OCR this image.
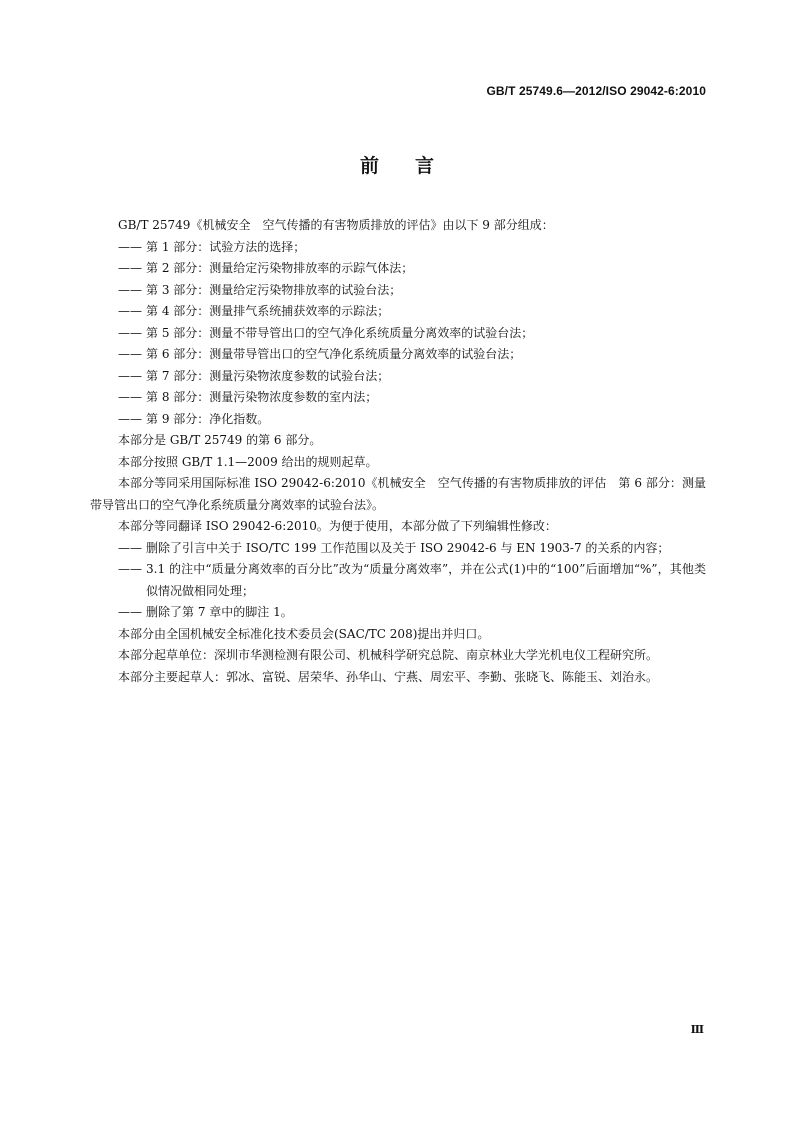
GB/T 25749.6—2012/ISO 29042-6:2010
前 言

GB/T 25749《机械安全　空气传播的有害物质排放的评估》由以下 9 部分组成：

—— 第 1 部分：试验方法的选择；

—— 第 2 部分：测量给定污染物排放率的示踪气体法；

—— 第 3 部分：测量给定污染物排放率的试验台法；

—— 第 4 部分：测量排气系统捕获效率的示踪法；

—— 第 5 部分：测量不带导管出口的空气净化系统质量分离效率的试验台法；

—— 第 6 部分：测量带导管出口的空气净化系统质量分离效率的试验台法；

—— 第 7 部分：测量污染物浓度参数的试验台法；

—— 第 8 部分：测量污染物浓度参数的室内法；

—— 第 9 部分：净化指数。

本部分是 GB/T 25749 的第 6 部分。

本部分按照 GB/T 1.1—2009 给出的规则起草。

本部分等同采用国际标准 ISO 29042-6:2010《机械安全　空气传播的有害物质排放的评估　第 6 部分：测量带导管出口的空气净化系统质量分离效率的试验台法》。

本部分等同翻译 ISO 29042-6:2010。为便于使用，本部分做了下列编辑性修改：

—— 删除了引言中关于 ISO/TC 199 工作范围以及关于 ISO 29042-6 与 EN 1903-7 的关系的内容；

—— 3.1 的注中“质量分离效率的百分比”改为“质量分离效率”，并在公式(1)中的“100”后面增加“%”，其他类似情况做相同处理；

—— 删除了第 7 章中的脚注 1。

本部分由全国机械安全标准化技术委员会(SAC/TC 208)提出并归口。

本部分起草单位：深圳市华测检测有限公司、机械科学研究总院、南京林业大学光机电仪工程研究所。

本部分主要起草人：郭冰、富锐、居荣华、孙华山、宁燕、周宏平、李勤、张晓飞、陈能玉、刘治永。

Ⅲ
